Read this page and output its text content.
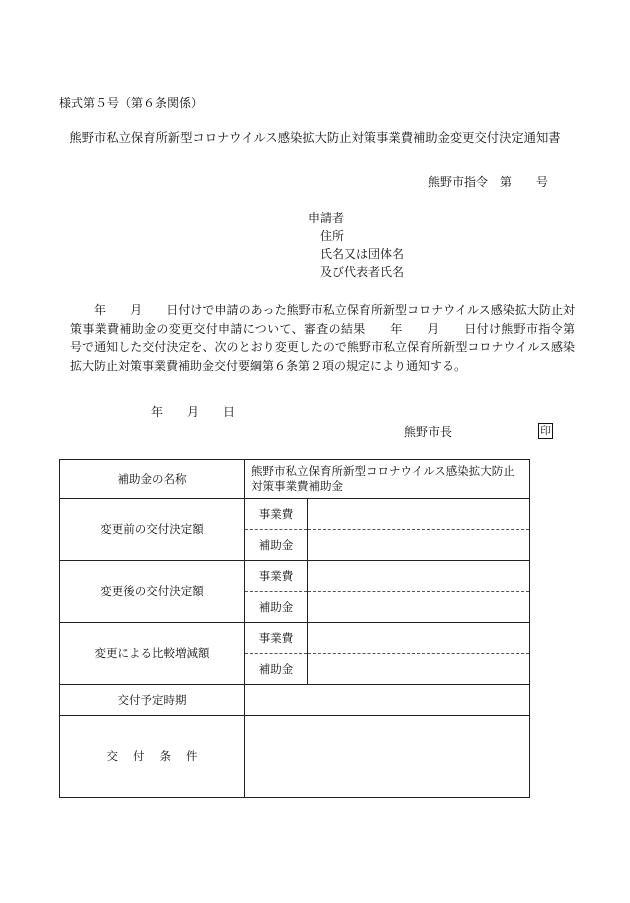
様式第５号（第６条関係）
熊野市私立保育所新型コロナウイルス感染拡大防止対策事業費補助金変更交付決定通知書
熊野市指令　第　　号
申請者
住所
氏名又は団体名
及び代表者氏名
年　　月　　日付けで申請のあった熊野市私立保育所新型コロナウイルス感染拡大防止対策事業費補助金の変更交付申請について、審査の結果　　年　　月　　日付け熊野市指令第　　号で通知した交付決定を、次のとおり変更したので熊野市私立保育所新型コロナウイルス感染拡大防止対策事業費補助金交付要綱第６条第２項の規定により通知する。
年　　月　　日
熊野市長	印
補助金の名称	熊野市私立保育所新型コロナウイルス感染拡大防止対策事業費補助金	
変更前の交付決定額	事業費	
	補助金	
変更後の交付決定額	事業費	
	補助金	
変更による比較増減額	事業費	
	補助金	
交付予定時期		
交付条件		
